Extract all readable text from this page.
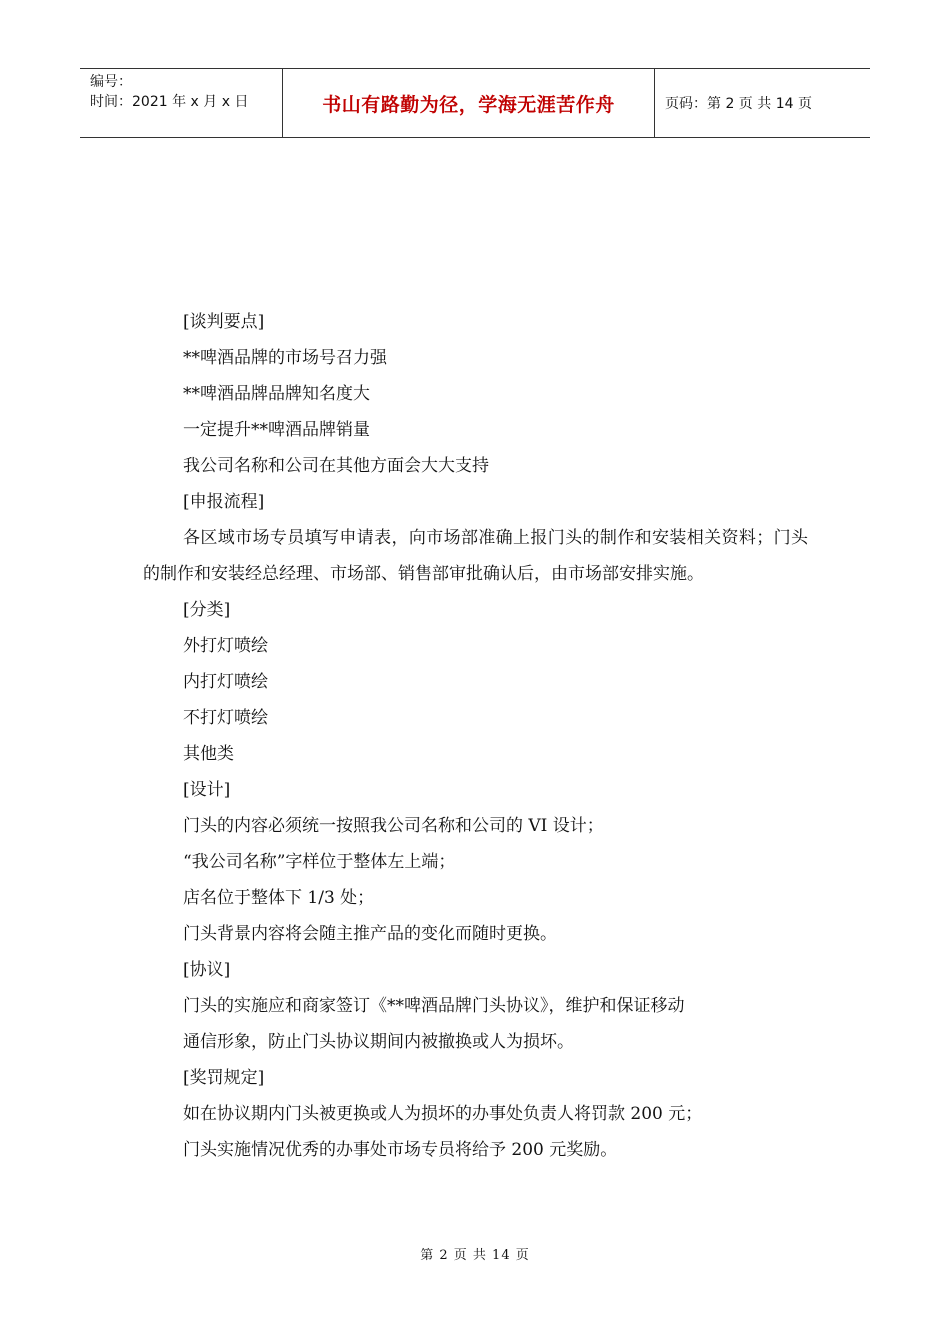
编号：
时间：2021 年 x 月 x 日	书山有路勤为径，学海无涯苦作舟	页码：第 2 页 共 14 页

[谈判要点]

**啤酒品牌的市场号召力强

**啤酒品牌品牌知名度大

一定提升**啤酒品牌销量

我公司名称和公司在其他方面会大大支持

[申报流程]

各区域市场专员填写申请表，向市场部准确上报门头的制作和安装相关资料；门头的制作和安装经总经理、市场部、销售部审批确认后，由市场部安排实施。

[分类]

外打灯喷绘

内打灯喷绘

不打灯喷绘

其他类

[设计]

门头的内容必须统一按照我公司名称和公司的 VI 设计；

“我公司名称”字样位于整体左上端；

店名位于整体下 1/3 处；

门头背景内容将会随主推产品的变化而随时更换。

[协议]

门头的实施应和商家签订《**啤酒品牌门头协议》，维护和保证移动

通信形象，防止门头协议期间内被撤换或人为损坏。

[奖罚规定]

如在协议期内门头被更换或人为损坏的办事处负责人将罚款 200 元；

门头实施情况优秀的办事处市场专员将给予 200 元奖励。

第 2 页 共 14 页
